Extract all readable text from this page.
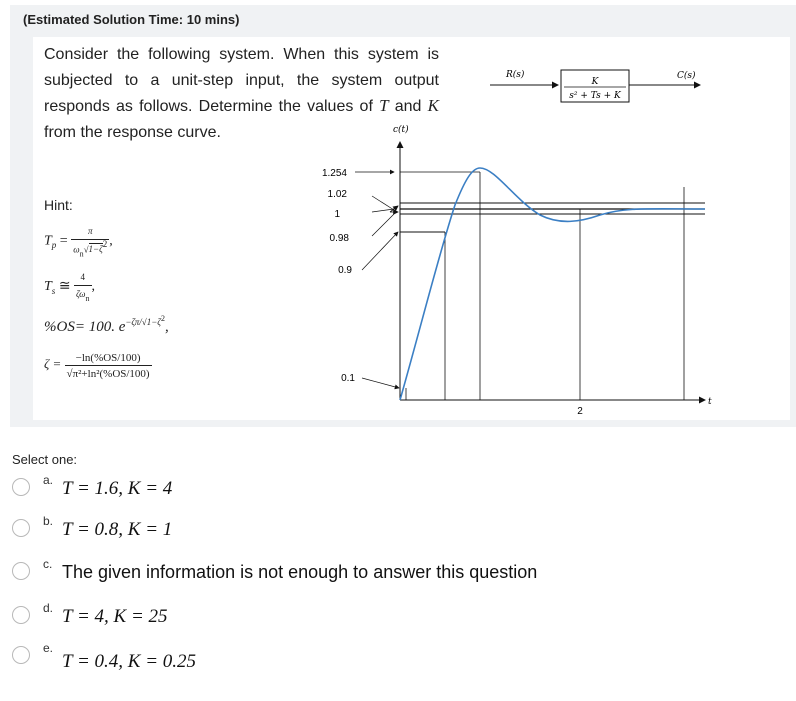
(Estimated Solution Time: 10 mins)
Consider the following system. When this system is subjected to a unit-step input, the system output responds as follows. Determine the values of T and K from the response curve.
Hint:
$T_p = \frac{\pi}{\omega_n√1-\zeta^2}$ ,
$T_s$ ≅ $\frac{4}{\zeta\omega_n}$ ,
%OS= 100. $e^{-\zeta\pi/√1-\zeta^2}$,
$\zeta = \frac{-\ln(\%OS/100)}{\text{√π²+ln²(\%OS/100)}}$
R(s)	C(s)
K
s² + Ts + K
c(t)
t
1.254
1.02
1
0.98
0.9
0.1
2
Select one:
a. T = 1.6, K = 4
b. T = 0.8, K = 1
c. The given information is not enough to answer this question
d. T = 4, K = 25
e.
T = 0.4, K = 0.25
